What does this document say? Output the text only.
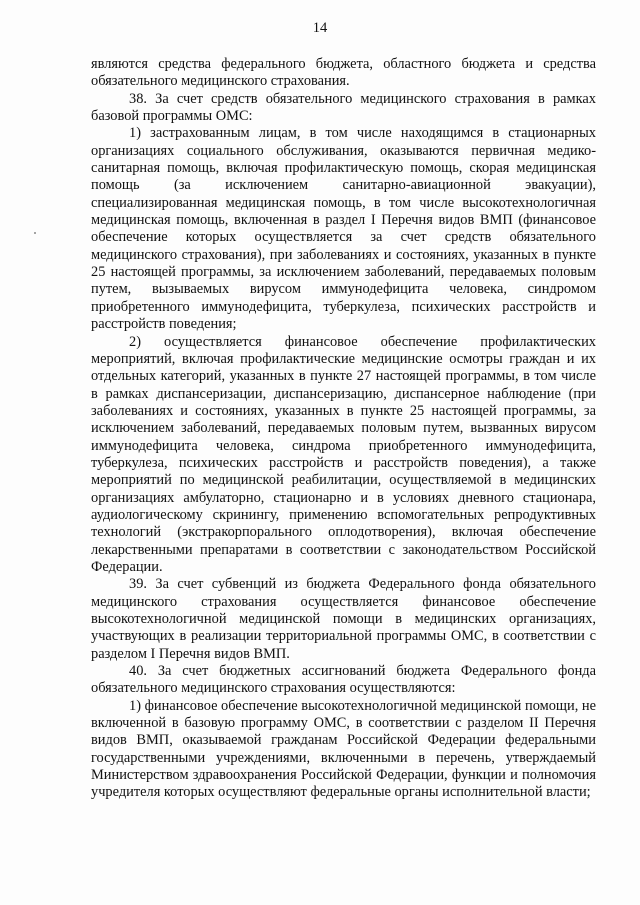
14

являются средства федерального бюджета, областного бюджета и средства обязательного медицинского страхования.

38. За счет средств обязательного медицинского страхования в рамках базовой программы ОМС:

1) застрахованным лицам, в том числе находящимся в стационарных организациях социального обслуживания, оказываются первичная медико-санитарная помощь, включая профилактическую помощь, скорая медицинская помощь (за исключением санитарно-авиационной эвакуации), специализированная медицинская помощь, в том числе высокотехнологичная медицинская помощь, включенная в раздел I Перечня видов ВМП (финансовое обеспечение которых осуществляется за счет средств обязательного медицинского страхования), при заболеваниях и состояниях, указанных в пункте 25 настоящей программы, за исключением заболеваний, передаваемых половым путем, вызываемых вирусом иммунодефицита человека, синдромом приобретенного иммунодефицита, туберкулеза, психических расстройств и расстройств поведения;

2) осуществляется финансовое обеспечение профилактических мероприятий, включая профилактические медицинские осмотры граждан и их отдельных категорий, указанных в пункте 27 настоящей программы, в том числе в рамках диспансеризации, диспансеризацию, диспансерное наблюдение (при заболеваниях и состояниях, указанных в пункте 25 настоящей программы, за исключением заболеваний, передаваемых половым путем, вызванных вирусом иммунодефицита человека, синдрома приобретенного иммунодефицита, туберкулеза, психических расстройств и расстройств поведения), а также мероприятий по медицинской реабилитации, осуществляемой в медицинских организациях амбулаторно, стационарно и в условиях дневного стационара, аудиологическому скринингу, применению вспомогательных репродуктивных технологий (экстракорпорального оплодотворения), включая обеспечение лекарственными препаратами в соответствии с законодательством Российской Федерации.

39. За счет субвенций из бюджета Федерального фонда обязательного медицинского страхования осуществляется финансовое обеспечение высокотехнологичной медицинской помощи в медицинских организациях, участвующих в реализации территориальной программы ОМС, в соответствии с разделом I Перечня видов ВМП.

40. За счет бюджетных ассигнований бюджета Федерального фонда обязательного медицинского страхования осуществляются:

1) финансовое обеспечение высокотехнологичной медицинской помощи, не включенной в базовую программу ОМС, в соответствии с разделом II Перечня видов ВМП, оказываемой гражданам Российской Федерации федеральными государственными учреждениями, включенными в перечень, утверждаемый Министерством здравоохранения Российской Федерации, функции и полномочия учредителя которых осуществляют федеральные органы исполнительной власти;
